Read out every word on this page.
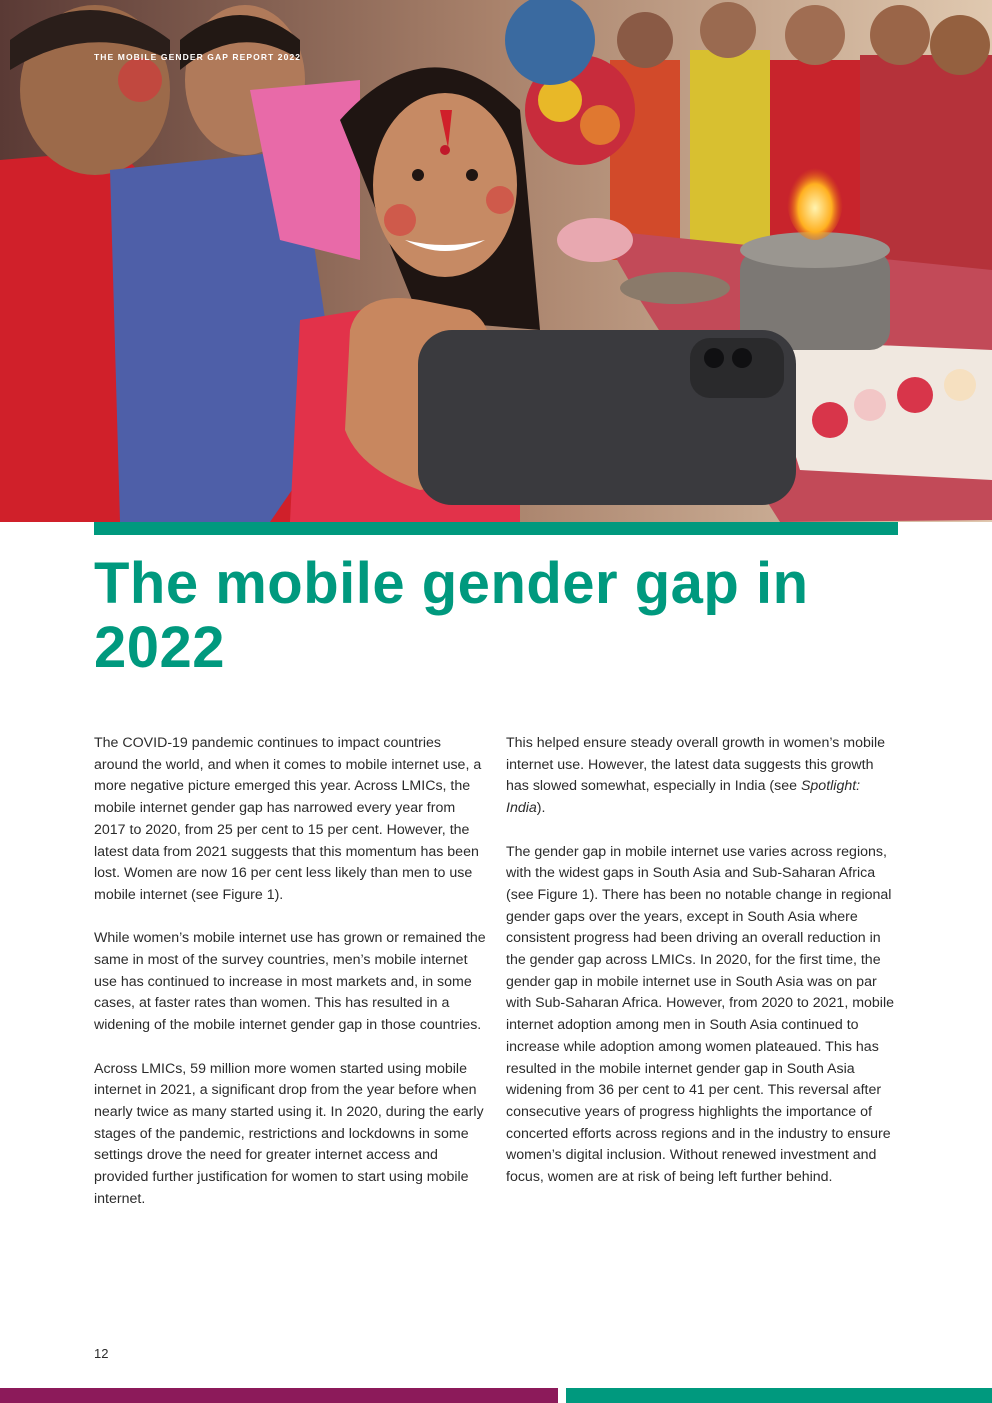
THE MOBILE GENDER GAP REPORT 2022
The mobile gender gap in 2022

The COVID-19 pandemic continues to impact countries around the world, and when it comes to mobile internet use, a more negative picture emerged this year. Across LMICs, the mobile internet gender gap has narrowed every year from 2017 to 2020, from 25 per cent to 15 per cent. However, the latest data from 2021 suggests that this momentum has been lost. Women are now 16 per cent less likely than men to use mobile internet (see Figure 1).

While women’s mobile internet use has grown or remained the same in most of the survey countries, men’s mobile internet use has continued to increase in most markets and, in some cases, at faster rates than women. This has resulted in a widening of the mobile internet gender gap in those countries.

Across LMICs, 59 million more women started using mobile internet in 2021, a significant drop from the year before when nearly twice as many started using it. In 2020, during the early stages of the pandemic, restrictions and lockdowns in some settings drove the need for greater internet access and provided further justification for women to start using mobile internet.

This helped ensure steady overall growth in women’s mobile internet use. However, the latest data suggests this growth has slowed somewhat, especially in India (see Spotlight: India).

The gender gap in mobile internet use varies across regions, with the widest gaps in South Asia and Sub-Saharan Africa (see Figure 1). There has been no notable change in regional gender gaps over the years, except in South Asia where consistent progress had been driving an overall reduction in the gender gap across LMICs. In 2020, for the first time, the gender gap in mobile internet use in South Asia was on par with Sub-Saharan Africa. However, from 2020 to 2021, mobile internet adoption among men in South Asia continued to increase while adoption among women plateaued. This has resulted in the mobile internet gender gap in South Asia widening from 36 per cent to 41 per cent. This reversal after consecutive years of progress highlights the importance of concerted efforts across regions and in the industry to ensure women’s digital inclusion. Without renewed investment and focus, women are at risk of being left further behind.

12
